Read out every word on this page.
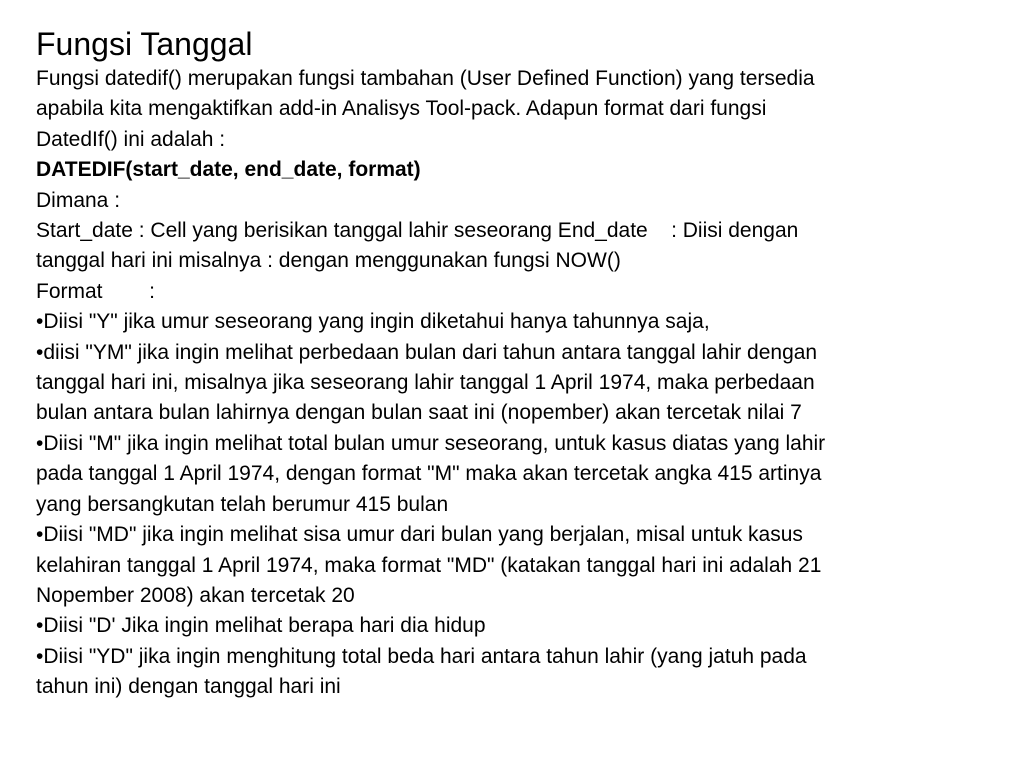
Fungsi Tanggal
Fungsi datedif() merupakan fungsi tambahan (User Defined Function) yang tersedia
apabila kita mengaktifkan add-in Analisys Tool-pack. Adapun format dari fungsi
DatedIf() ini adalah :
DATEDIF(start_date, end_date, format)
Dimana :
Start_date : Cell yang berisikan tanggal lahir seseorang End_date    : Diisi dengan
tanggal hari ini misalnya : dengan menggunakan fungsi NOW()
Format        :
•Diisi "Y" jika umur seseorang yang ingin diketahui hanya tahunnya saja,
•diisi "YM" jika ingin melihat perbedaan bulan dari tahun antara tanggal lahir dengan
tanggal hari ini, misalnya jika seseorang lahir tanggal 1 April 1974, maka perbedaan
bulan antara bulan lahirnya dengan bulan saat ini (nopember) akan tercetak nilai 7
•Diisi "M" jika ingin melihat total bulan umur seseorang, untuk kasus diatas yang lahir
pada tanggal 1 April 1974, dengan format "M" maka akan tercetak angka 415 artinya
yang bersangkutan telah berumur 415 bulan
•Diisi "MD" jika ingin melihat sisa umur dari bulan yang berjalan, misal untuk kasus
kelahiran tanggal 1 April 1974, maka format "MD" (katakan tanggal hari ini adalah 21
Nopember 2008) akan tercetak 20
•Diisi "D' Jika ingin melihat berapa hari dia hidup
•Diisi "YD" jika ingin menghitung total beda hari antara tahun lahir (yang jatuh pada
tahun ini) dengan tanggal hari ini
